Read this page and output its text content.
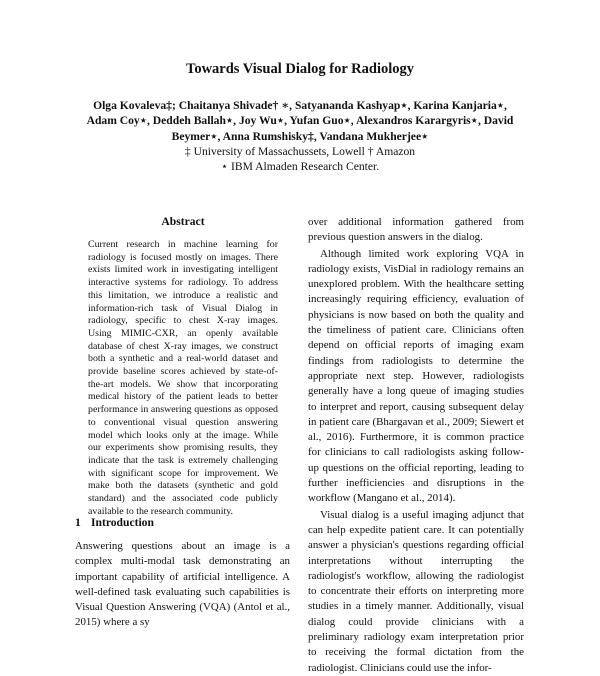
Towards Visual Dialog for Radiology
Olga Kovaleva‡; Chaitanya Shivade† ∗, Satyananda Kashyap⋆, Karina Kanjaria⋆, Adam Coy⋆, Deddeh Ballah⋆, Joy Wu⋆, Yufan Guo⋆, Alexandros Karargyris⋆, David Beymer⋆, Anna Rumshisky‡, Vandana Mukherjee⋆
‡ University of Massachussets, Lowell † Amazon
⋆ IBM Almaden Research Center.
Abstract
Current research in machine learning for radiology is focused mostly on images. There exists limited work in investigating intelligent interactive systems for radiology. To address this limitation, we introduce a realistic and information-rich task of Visual Dialog in radiology, specific to chest X-ray images. Using MIMIC-CXR, an openly available database of chest X-ray images, we construct both a synthetic and a real-world dataset and provide baseline scores achieved by state-of-the-art models. We show that incorporating medical history of the patient leads to better performance in answering questions as opposed to conventional visual question answering model which looks only at the image. While our experiments show promising results, they indicate that the task is extremely challenging with significant scope for improvement. We make both the datasets (synthetic and gold standard) and the associated code publicly available to the research community.
1 Introduction
Answering questions about an image is a complex multi-modal task demonstrating an important capability of artificial intelligence. A well-defined task evaluating such capabilities is Visual Question Answering (VQA) (Antol et al., 2015) where a sy

over additional information gathered from previous question answers in the dialog.

Although limited work exploring VQA in radiology exists, VisDial in radiology remains an unexplored problem. With the healthcare setting increasingly requiring efficiency, evaluation of physicians is now based on both the quality and the timeliness of patient care. Clinicians often depend on official reports of imaging exam findings from radiologists to determine the appropriate next step. However, radiologists generally have a long queue of imaging studies to interpret and report, causing subsequent delay in patient care (Bhargavan et al., 2009; Siewert et al., 2016). Furthermore, it is common practice for clinicians to call radiologists asking follow-up questions on the official reporting, leading to further inefficiencies and disruptions in the workflow (Mangano et al., 2014).

Visual dialog is a useful imaging adjunct that can help expedite patient care. It can potentially answer a physician's questions regarding official interpretations without interrupting the radiologist's workflow, allowing the radiologist to concentrate their efforts on interpreting more studies in a timely manner. Additionally, visual dialog could provide clinicians with a preliminary radiology exam interpretation prior to receiving the formal dictation from the radiologist. Clinicians could use the infor-
